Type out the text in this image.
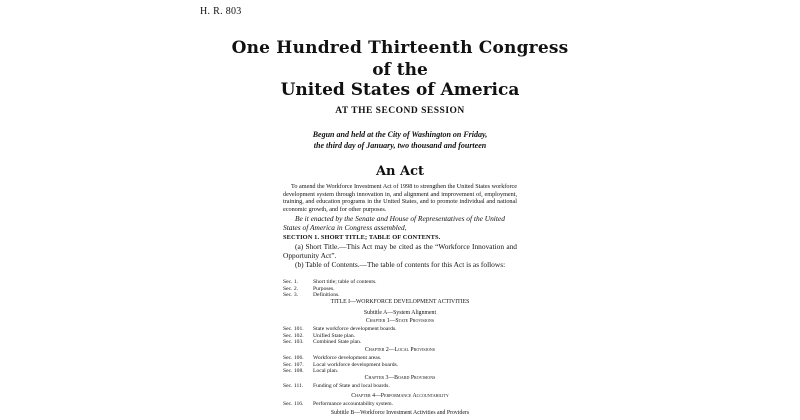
H. R. 803
One Hundred Thirteenth Congress
of the
United States of America
AT THE SECOND SESSION
Begun and held at the City of Washington on Friday,
the third day of January, two thousand and fourteen
An Act
To amend the Workforce Investment Act of 1998 to strengthen the United States workforce development system through innovation in, and alignment and improvement of, employment, training, and education programs in the United States, and to promote individual and national economic growth, and for other purposes.
Be it enacted by the Senate and House of Representatives of the United States of America in Congress assembled,
SECTION 1. SHORT TITLE; TABLE OF CONTENTS.
(a) Short Title.—This Act may be cited as the “Workforce Innovation and Opportunity Act”.
(b) Table of Contents.—The table of contents for this Act is as follows:
Sec. 1.	Short title; table of contents.
Sec. 2.	Purposes.
Sec. 3.	Definitions.
TITLE I—WORKFORCE DEVELOPMENT ACTIVITIES
Subtitle A—System Alignment
Chapter 1—State Provisions
Sec. 101. State workforce development boards.
Sec. 102. Unified State plan.
Sec. 103. Combined State plan.
Chapter 2—Local Provisions
Sec. 106. Workforce development areas.
Sec. 107. Local workforce development boards.
Sec. 108. Local plan.
Chapter 3—Board Provisions
Sec. 111. Funding of State and local boards.
Chapter 4—Performance Accountability
Sec. 116. Performance accountability system.
Subtitle B—Workforce Investment Activities and Providers
